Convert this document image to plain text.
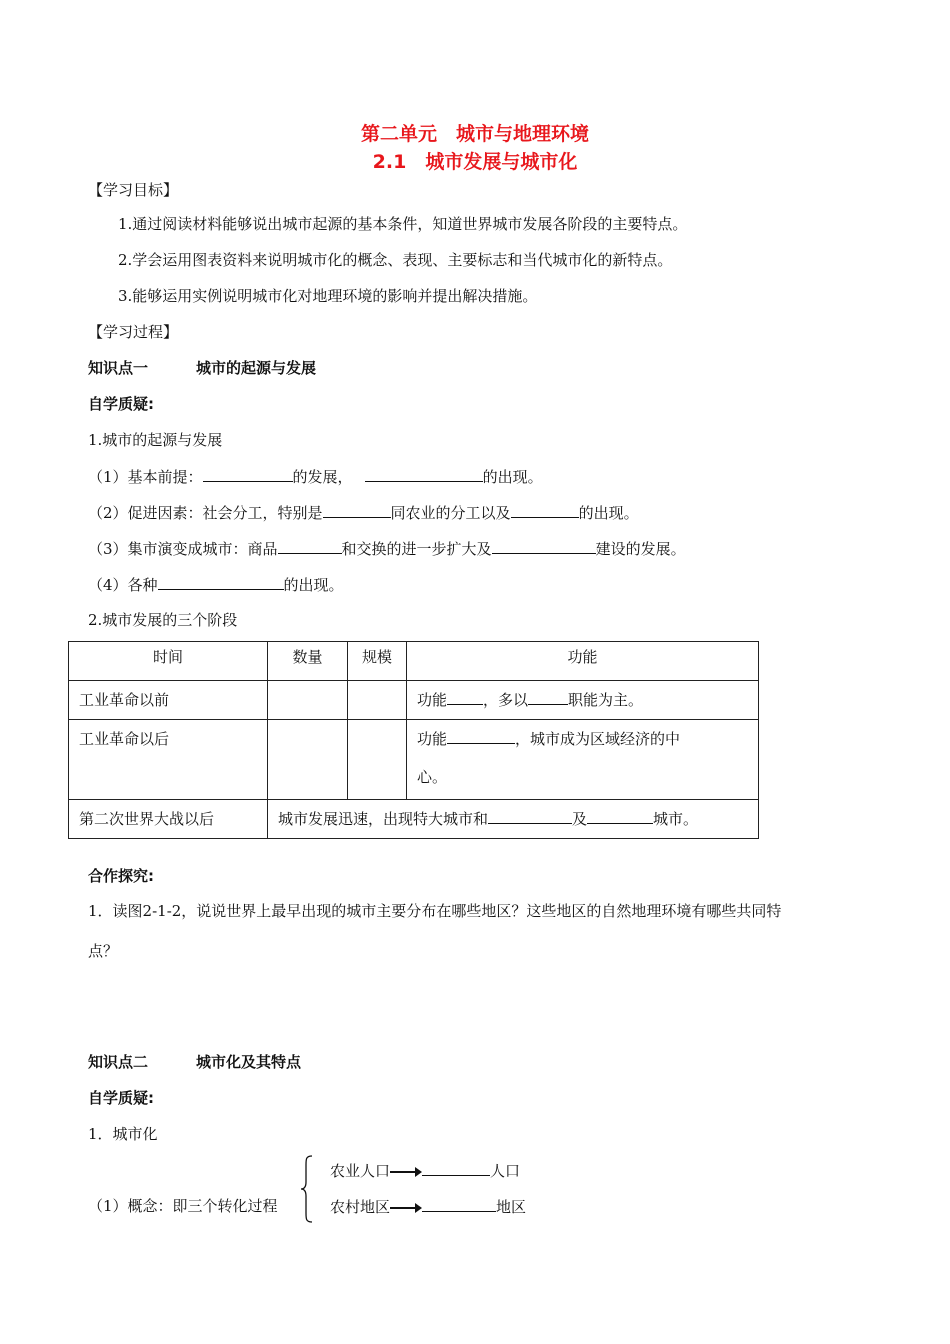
第二单元　城市与地理环境
2.1　城市发展与城市化
【学习目标】
1.通过阅读材料能够说出城市起源的基本条件，知道世界城市发展各阶段的主要特点。
2.学会运用图表资料来说明城市化的概念、表现、主要标志和当代城市化的新特点。
3.能够运用实例说明城市化对地理环境的影响并提出解决措施。
【学习过程】
知识点一	城市的起源与发展
自学质疑:
1.城市的起源与发展
（1）基本前提：	的发展，	的出现。
（2）促进因素：社会分工，特别是	同农业的分工以及	的出现。
（3）集市演变成城市：商品	和交换的进一步扩大及	建设的发展。
（4）各种	的出现。
2.城市发展的三个阶段
时间	数量	规模	功能
工业革命以前			功能 ，多以 职能为主。
工业革命以后			功能 ，城市成为区域经济的中
心。
第二次世界大战以后	城市发展迅速，出现特大城市和 及 城市。		
合作探究:
1．读图2-1-2，说说世界上最早出现的城市主要分布在哪些地区？这些地区的自然地理环境有哪些共同特
点？
知识点二	城市化及其特点
自学质疑:
1．城市化
（1）概念：即三个转化过程
农业人口	人口
农村地区	地区
